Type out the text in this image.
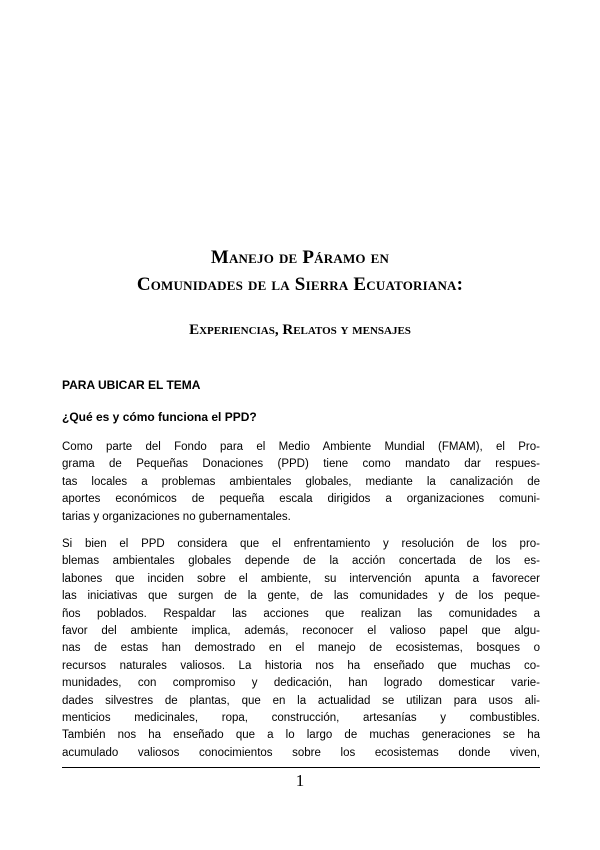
Manejo de Páramo en
Comunidades de la Sierra Ecuatoriana:
Experiencias, Relatos y mensajes
PARA UBICAR EL TEMA
¿Qué es y cómo funciona el PPD?
Como parte del Fondo para el Medio Ambiente Mundial (FMAM), el Pro-
grama de Pequeñas Donaciones (PPD) tiene como mandato dar respues-
tas locales a problemas ambientales globales, mediante la canalización de
aportes económicos de pequeña escala dirigidos a organizaciones comuni-
tarias y organizaciones no gubernamentales.
Si bien el PPD considera que el enfrentamiento y resolución de los pro-
blemas ambientales globales depende de la acción concertada de los es-
labones que inciden sobre el ambiente, su intervención apunta a favorecer
las iniciativas que surgen de la gente, de las comunidades y de los peque-
ños poblados. Respaldar las acciones que realizan las comunidades a
favor del ambiente implica, además, reconocer el valioso papel que algu-
nas de estas han demostrado en el manejo de ecosistemas, bosques o
recursos naturales valiosos. La historia nos ha enseñado que muchas co-
munidades, con compromiso y dedicación, han logrado domesticar varie-
dades silvestres de plantas, que en la actualidad se utilizan para usos ali-
menticios medicinales, ropa, construcción, artesanías y combustibles.
También nos ha enseñado que a lo largo de muchas generaciones se ha
acumulado valiosos conocimientos sobre los ecosistemas donde viven,
1
